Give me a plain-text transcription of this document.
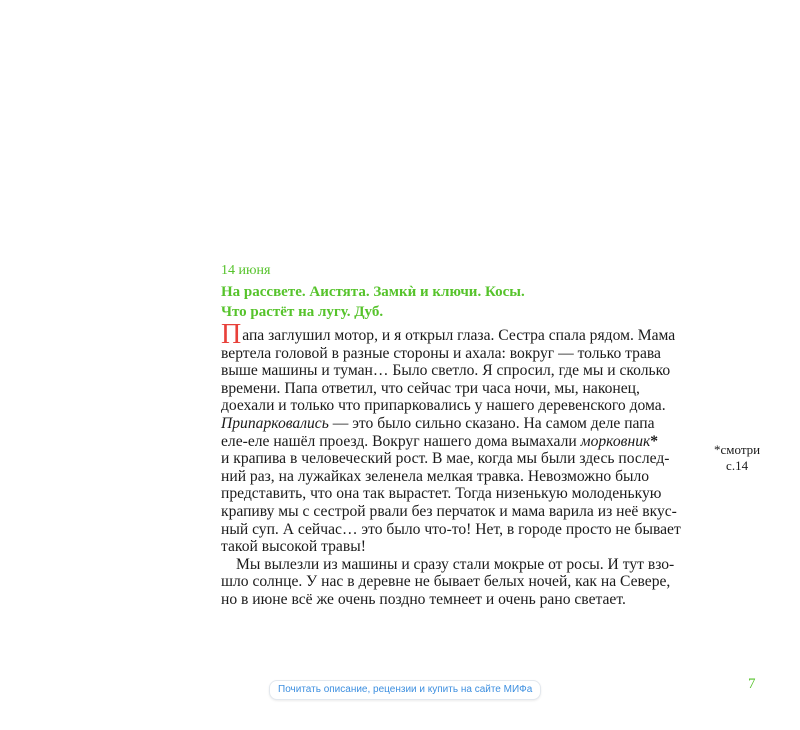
14 июня
На рассвете. Аистята. Замкѝ и ключи. Косы.
Что растёт на лугу. Дуб.
Папа заглушил мотор, и я открыл глаза. Сестра спала рядом. Мама
вертела головой в разные стороны и ахала: вокруг — только трава
выше машины и туман… Было светло. Я спросил, где мы и сколько
времени. Папа ответил, что сейчас три часа ночи, мы, наконец,
доехали и только что припарковались у нашего деревенского дома.
Припарковались — это было сильно сказано. На самом деле папа
еле-еле нашёл проезд. Вокруг нашего дома вымахали морковник*
и крапива в человеческий рост. В мае, когда мы были здесь послед-
ний раз, на лужайках зеленела мелкая травка. Невозможно было
представить, что она так вырастет. Тогда низенькую молоденькую
крапиву мы с сестрой рвали без перчаток и мама варила из неё вкус-
ный суп. А сейчас… это было что-то! Нет, в городе просто не бывает
такой высокой травы!
Мы вылезли из машины и сразу стали мокрые от росы. И тут взо-
шло солнце. У нас в деревне не бывает белых ночей, как на Севере,
но в июне всё же очень поздно темнеет и очень рано светает.
*смотри
с.14
Почитать описание, рецензии и купить на сайте МИФа	7
